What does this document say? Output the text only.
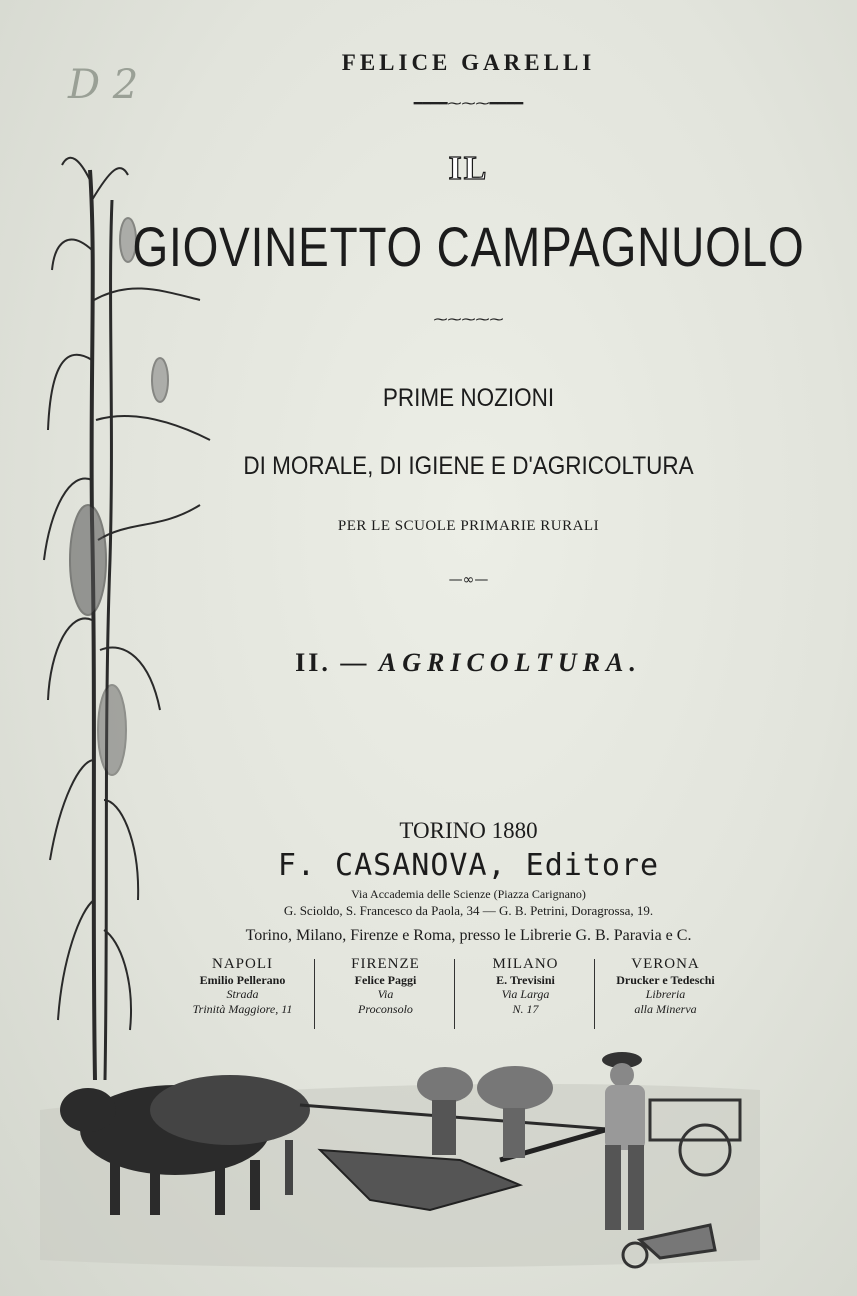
D 2	FELICE GARELLI
━━━━⁓⁓⁓━━━━
IL
GIOVINETTO CAMPAGNUOLO
⁓⁓⁓⁓⁓
PRIME NOZIONI
DI MORALE, DI IGIENE E D'AGRICOLTURA
PER LE SCUOLE PRIMARIE RURALI
—∞—
II. — AGRICOLTURA.
TORINO 1880
F. CASANOVA, Editore
Via Accademia delle Scienze (Piazza Carignano)
G. Scioldo, S. Francesco da Paola, 34 — G. B. Petrini, Doragrossa, 19.
Torino, Milano, Firenze e Roma, presso le Librerie G. B. Paravia e C.
NAPOLI
Emilio Pellerano
Strada
Trinità Maggiore, 11
FIRENZE
Felice Paggi
Via
Proconsolo
MILANO
E. Trevisini
Via Larga
N. 17
VERONA
Drucker e Tedeschi
Libreria
alla Minerva
